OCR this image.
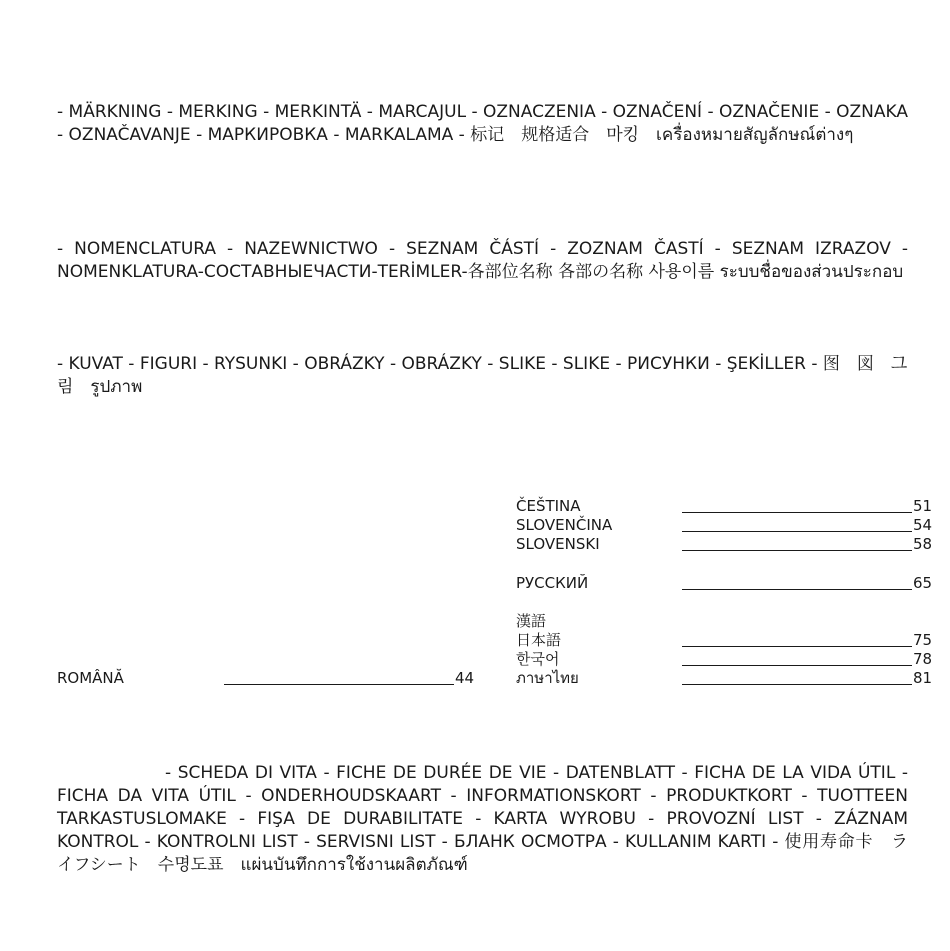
- MÄRKNING - MERKING - MERKINTÄ - MARCAJUL - OZNACZENIA - OZNAČENÍ - OZNAČENIE - OZNAKA - OZNAČAVANJE - МАРКИРОВКА - MARKALAMA - 标记　规格适合　마킹　เครื่องหมายสัญลักษณ์ต่างๆ

- NOMENCLATURA - NAZEWNICTWO - SEZNAM ČÁSTÍ - ZOZNAM ČASTÍ - SEZNAM IZRAZOV - NOMENKLATURA-СОСТАВНЫЕЧАСТИ-TERİMLER-各部位名称 各部の名称 사용이름 ระบบชื่อของส่วนประกอบ

- KUVAT - FIGURI - RYSUNKI - OBRÁZKY - OBRÁZKY - SLIKE - SLIKE - РИСУНКИ - ŞEKİLLER - 图　図　그림　รูปภาพ

ROMÂNĂ	44
ČEŠTINA	51
SLOVENČINA	54
SLOVENSKI	58
РУССКИЙ	65
漢語
日本語	75
한국어	78
ภาษาไทย	81

- SCHEDA DI VITA - FICHE DE DURÉE DE VIE - DATENBLATT - FICHA DE LA VIDA ÚTIL - FICHA DA VITA ÚTIL - ONDERHOUDSKAART - INFORMATIONSKORT - PRODUKTKORT - TUOTTEEN TARKASTUSLOMAKE - FIŞA DE DURABILITATE - KARTA WYROBU - PROVOZNÍ LIST - ZÁZNAM KONTROL - KONTROLNI LIST - SERVISNI LIST - БЛАНК ОСМОТРА - KULLANIM KARTI - 使用寿命卡　ライフシート　수명도표　แผ่นบันทึกการใช้งานผลิตภัณฑ์
